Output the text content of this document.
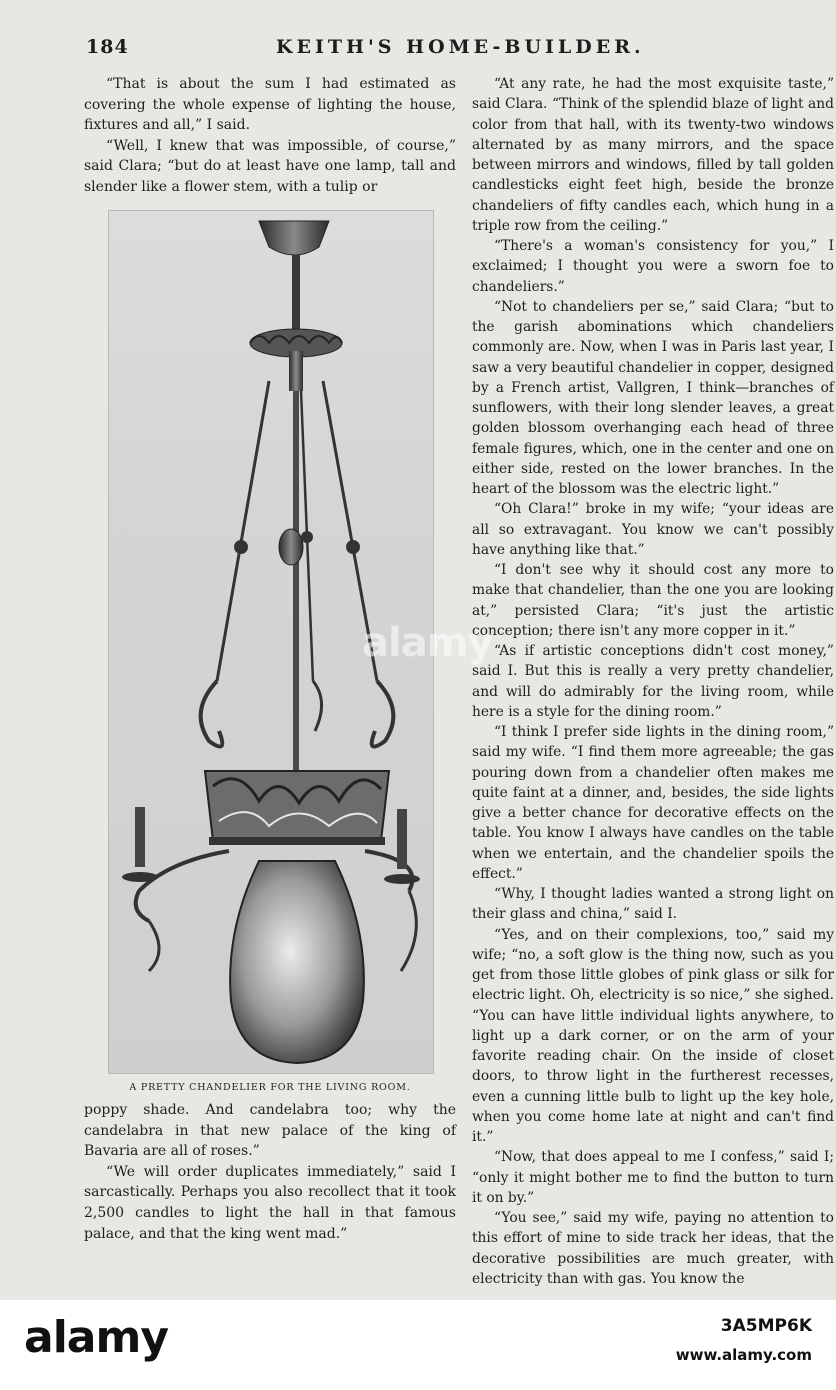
184	KEITH'S HOME-BUILDER.

“That is about the sum I had estimated as covering the whole expense of lighting the house, fixtures and all,” I said.

“Well, I knew that was impossible, of course,” said Clara; “but do at least have one lamp, tall and slender like a flower stem, with a tulip or

A PRETTY CHANDELIER FOR THE LIVING ROOM.

poppy shade. And candelabra too; why the candelabra in that new palace of the king of Bavaria are all of roses.”

“We will order duplicates immediately,” said I sarcastically. Perhaps you also recollect that it took 2,500 candles to light the hall in that famous palace, and that the king went mad.”

“At any rate, he had the most exquisite taste,” said Clara. “Think of the splendid blaze of light and color from that hall, with its twenty-two windows alternated by as many mirrors, and the space between mirrors and windows, filled by tall golden candlesticks eight feet high, beside the bronze chandeliers of fifty candles each, which hung in a triple row from the ceiling.”

“There's a woman's consistency for you,” I exclaimed; I thought you were a sworn foe to chandeliers.”

“Not to chandeliers per se,” said Clara; “but to the garish abominations which chandeliers commonly are. Now, when I was in Paris last year, I saw a very beautiful chandelier in copper, designed by a French artist, Vallgren, I think—branches of sunflowers, with their long slender leaves, a great golden blossom overhanging each head of three female figures, which, one in the center and one on either side, rested on the lower branches. In the heart of the blossom was the electric light.”

“Oh Clara!” broke in my wife; “your ideas are all so extravagant. You know we can't possibly have anything like that.”

“I don't see why it should cost any more to make that chandelier, than the one you are looking at,” persisted Clara; “it's just the artistic conception; there isn't any more copper in it.”

“As if artistic conceptions didn't cost money,” said I. But this is really a very pretty chandelier, and will do admirably for the living room, while here is a style for the dining room.”

“I think I prefer side lights in the dining room,” said my wife. “I find them more agreeable; the gas pouring down from a chandelier often makes me quite faint at a dinner, and, besides, the side lights give a better chance for decorative effects on the table. You know I always have candles on the table when we entertain, and the chandelier spoils the effect.”

“Why, I thought ladies wanted a strong light on their glass and china,” said I.

“Yes, and on their complexions, too,” said my wife; “no, a soft glow is the thing now, such as you get from those little globes of pink glass or silk for electric light. Oh, electricity is so nice,” she sighed. “You can have little individual lights anywhere, to light up a dark corner, or on the arm of your favorite reading chair. On the inside of closet doors, to throw light in the furtherest recesses, even a cunning little bulb to light up the key hole, when you come home late at night and can't find it.”

“Now, that does appeal to me I confess,” said I; “only it might bother me to find the button to turn it on by.”

“You see,” said my wife, paying no attention to this effort of mine to side track her ideas, that the decorative possibilities are much greater, with electricity than with gas. You know the

alamy
alamy	3A5MP6K
www.alamy.com
